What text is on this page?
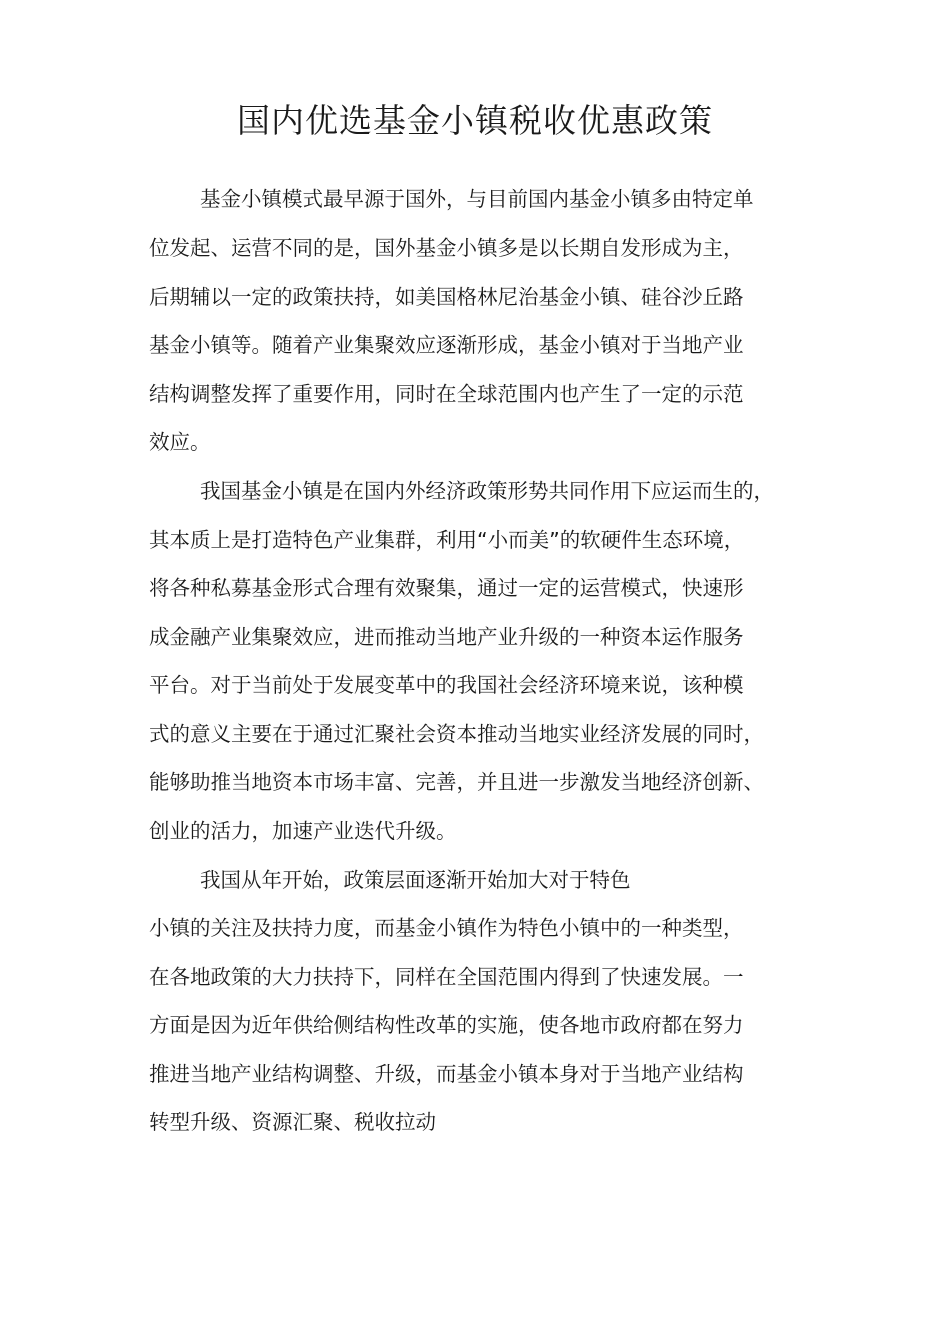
国内优选基金小镇税收优惠政策

基金小镇模式最早源于国外，与目前国内基金小镇多由特定单

位发起、运营不同的是，国外基金小镇多是以长期自发形成为主，

后期辅以一定的政策扶持，如美国格林尼治基金小镇、硅谷沙丘路

基金小镇等。随着产业集聚效应逐渐形成，基金小镇对于当地产业

结构调整发挥了重要作用，同时在全球范围内也产生了一定的示范

效应。

我国基金小镇是在国内外经济政策形势共同作用下应运而生的，

其本质上是打造特色产业集群，利用“小而美”的软硬件生态环境，

将各种私募基金形式合理有效聚集，通过一定的运营模式，快速形

成金融产业集聚效应，进而推动当地产业升级的一种资本运作服务

平台。对于当前处于发展变革中的我国社会经济环境来说，该种模

式的意义主要在于通过汇聚社会资本推动当地实业经济发展的同时，

能够助推当地资本市场丰富、完善，并且进一步激发当地经济创新、

创业的活力，加速产业迭代升级。

我国从年开始，政策层面逐渐开始加大对于特色

小镇的关注及扶持力度，而基金小镇作为特色小镇中的一种类型，

在各地政策的大力扶持下，同样在全国范围内得到了快速发展。一

方面是因为近年供给侧结构性改革的实施，使各地市政府都在努力

推进当地产业结构调整、升级，而基金小镇本身对于当地产业结构

转型升级、资源汇聚、税收拉动
